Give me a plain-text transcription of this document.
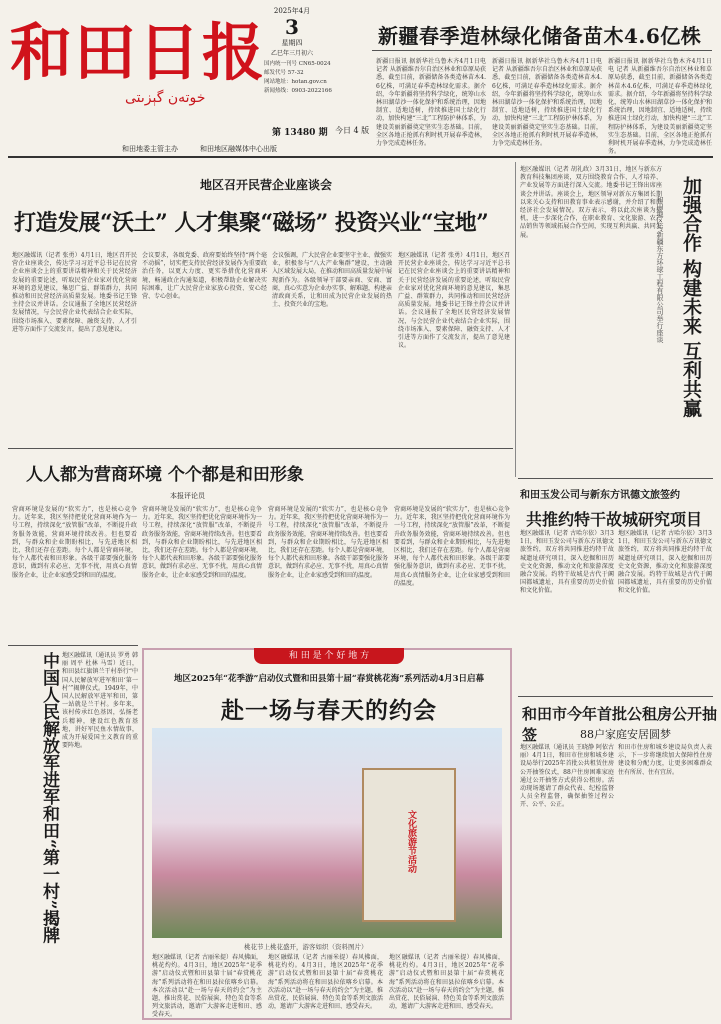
和田日报
خوتەن گېزىتى
2025年4月
3
星期四
乙巳年三月初六
国内统一刊号 CN65-0024
邮发代号 57-32
网站地址：hotan.gov.cn
新闻热线：0903-2022166
第 13480 期 今日 4 版
和田地委主管主办	和田地区融媒体中心出版
新疆春季造林绿化储备苗木4.6亿株
新疆日报讯 据新华社乌鲁木齐4月1日电 记者 从新疆维吾尔自治区林业和草原局获悉，截至目前，新疆储备各类造林苗木4.6亿株，可满足春季造林绿化需求。据介绍，今年新疆将坚持科学绿化，统筹山水林田湖草沙一体化保护和系统治理，因地制宜、适地适树，持续推进国土绿化行动，加快构建“三北”工程防护林体系，为建设美丽新疆奠定坚实生态基础。目前，全区各地正抢抓有利时机开展春季造林，力争完成造林任务。
新疆日报讯 据新华社乌鲁木齐4月1日电 记者 从新疆维吾尔自治区林业和草原局获悉，截至目前，新疆储备各类造林苗木4.6亿株，可满足春季造林绿化需求。据介绍，今年新疆将坚持科学绿化，统筹山水林田湖草沙一体化保护和系统治理，因地制宜、适地适树，持续推进国土绿化行动，加快构建“三北”工程防护林体系，为建设美丽新疆奠定坚实生态基础。目前，全区各地正抢抓有利时机开展春季造林，力争完成造林任务。
新疆日报讯 据新华社乌鲁木齐4月1日电 记者 从新疆维吾尔自治区林业和草原局获悉，截至目前，新疆储备各类造林苗木4.6亿株，可满足春季造林绿化需求。据介绍，今年新疆将坚持科学绿化，统筹山水林田湖草沙一体化保护和系统治理，因地制宜、适地适树，持续推进国土绿化行动，加快构建“三北”工程防护林体系，为建设美丽新疆奠定坚实生态基础。目前，全区各地正抢抓有利时机开展春季造林，力争完成造林任务。
地区召开民营企业座谈会
打造发展“沃土” 人才集聚“磁场” 投资兴业“宝地”
地区融媒讯（记者 张勇）4月1日，地区召开民营企业座谈会，传达学习习近平总书记在民营企业座谈会上的重要讲话精神和关于民营经济发展的重要论述，听取民营企业家对优化营商环境的意见建议，集思广益、群策群力，共同推动和田民营经济高质量发展。地委书记王锋主持会议并讲话。会议通报了全地区民营经济发展情况，与会民营企业代表结合企业实际，围绕市场准入、要素保障、融资支持、人才引进等方面作了交流发言，提出了意见建议。
会议要求，各级党委、政府要始终坚持“两个毫不动摇”，切实把支持民营经济发展作为重要政治任务，以更大力度、更实举措优化营商环境，畅通政企沟通渠道，积极帮助企业解决实际困难，让广大民营企业家放心投资、安心经营、专心创业。
会议强调，广大民营企业要坚守主业、做强实业，积极参与“八大产业集群”建设，主动融入区域发展大局，在推动和田高质量发展中展现新作为。各级领导干部要亲商、安商、富商，真心实意为企业办实事、解难题，构建亲清政商关系，让和田成为民营企业发展的热土、投资兴业的宝地。
地区融媒讯（记者 张勇）4月1日，地区召开民营企业座谈会，传达学习习近平总书记在民营企业座谈会上的重要讲话精神和关于民营经济发展的重要论述，听取民营企业家对优化营商环境的意见建议，集思广益、群策群力，共同推动和田民营经济高质量发展。地委书记王锋主持会议并讲话。会议通报了全地区民营经济发展情况，与会民营企业代表结合企业实际，围绕市场准入、要素保障、融资支持、人才引进等方面作了交流发言，提出了意见建议。
地区融媒讯（记者 胡礼政）3月31日，地区与新东方教育科技集团座谈，双方围绕教育合作、人才培养、产业发展等方面进行深入交流。地委书记王锋出席座谈会并讲话。座谈会上，地区领导对新东方集团长期以来关心支持和田教育事业表示感谢，并介绍了和田经济社会发展情况。双方表示，将以此次座谈为契机，进一步深化合作，在职业教育、文化旅游、农产品销售等领域拓展合作空间，实现互利共赢、共同发展。	加强合作 构建未来 互利共赢
和田地区与新疆东方环球工程有限公司举行座谈
人人都为营商环境 个个都是和田形象
本报评论员
营商环境是发展的“软实力”，也是核心竞争力。近年来，我区坚持把优化营商环境作为一号工程，持续深化“放管服”改革，不断提升政务服务效能，营商环境持续改善。但也要看到，与群众和企业期盼相比，与先进地区相比，我们还存在差距。每个人都是营商环境，每个人都代表和田形象。各级干部要强化服务意识，做到有求必应、无事不扰，用真心真情服务企业，让企业家感受到和田的温度。
营商环境是发展的“软实力”，也是核心竞争力。近年来，我区坚持把优化营商环境作为一号工程，持续深化“放管服”改革，不断提升政务服务效能，营商环境持续改善。但也要看到，与群众和企业期盼相比，与先进地区相比，我们还存在差距。每个人都是营商环境，每个人都代表和田形象。各级干部要强化服务意识，做到有求必应、无事不扰，用真心真情服务企业，让企业家感受到和田的温度。
营商环境是发展的“软实力”，也是核心竞争力。近年来，我区坚持把优化营商环境作为一号工程，持续深化“放管服”改革，不断提升政务服务效能，营商环境持续改善。但也要看到，与群众和企业期盼相比，与先进地区相比，我们还存在差距。每个人都是营商环境，每个人都代表和田形象。各级干部要强化服务意识，做到有求必应、无事不扰，用真心真情服务企业，让企业家感受到和田的温度。
营商环境是发展的“软实力”，也是核心竞争力。近年来，我区坚持把优化营商环境作为一号工程，持续深化“放管服”改革，不断提升政务服务效能，营商环境持续改善。但也要看到，与群众和企业期盼相比，与先进地区相比，我们还存在差距。每个人都是营商环境，每个人都代表和田形象。各级干部要强化服务意识，做到有求必应、无事不扰，用真心真情服务企业，让企业家感受到和田的温度。
中国人民解放军进军和田“第一村”揭牌 地区融媒讯（通讯员 罗勇 韩丽 周平 杜林 马雪）近日，和田县红旗镇兰干村举行“中国人民解放军进军和田‘第一村’”揭牌仪式。1949年，中国人民解放军进军和田，第一站就是兰干村。多年来，该村传承红色基因，弘扬老兵精神，建设红色教育基地，讲好军民鱼水情故事，成为开展爱国主义教育的重要阵地。
和 田 是 个 好 地 方
地区2025年“花季游”启动仪式暨和田县第十届“春赏桃花海”系列活动4月3日启幕
赴一场与春天的约会
文化旅游节活动
桃花节上桃花盛开，游客如织（资料图片）
地区融媒讯（记者 古丽米提）春风拂面，桃花灼灼。4月3日，地区2025年“花季游”启动仪式暨和田县第十届“春赏桃花海”系列活动将在和田县拉依喀乡启幕。本次活动以“赴一场与春天的约会”为主题，推出赏花、民俗展演、特色美食等系列文旅活动，邀请广大游客走进和田、感受春天。
地区融媒讯（记者 古丽米提）春风拂面，桃花灼灼。4月3日，地区2025年“花季游”启动仪式暨和田县第十届“春赏桃花海”系列活动将在和田县拉依喀乡启幕。本次活动以“赴一场与春天的约会”为主题，推出赏花、民俗展演、特色美食等系列文旅活动，邀请广大游客走进和田、感受春天。
地区融媒讯（记者 古丽米提）春风拂面，桃花灼灼。4月3日，地区2025年“花季游”启动仪式暨和田县第十届“春赏桃花海”系列活动将在和田县拉依喀乡启幕。本次活动以“赴一场与春天的约会”为主题，推出赏花、民俗展演、特色美食等系列文旅活动，邀请广大游客走进和田、感受春天。
和田玉发公司与新东方讯德文旅签约
共推约特干故城研究项目
地区融媒讯（记者 古哈尔依）3月31日，和田玉发公司与新东方讯德文旅签约，双方将共同推进约特干故城遗址研究项目，深入挖掘和田历史文化资源，推动文化和旅游深度融合发展。约特干故城是古代于阗国都城遗址，具有重要的历史价值和文化价值。
地区融媒讯（记者 古哈尔依）3月31日，和田玉发公司与新东方讯德文旅签约，双方将共同推进约特干故城遗址研究项目，深入挖掘和田历史文化资源，推动文化和旅游深度融合发展。约特干故城是古代于阗国都城遗址，具有重要的历史价值和文化价值。
和田市今年首批公租房公开抽签	88户家庭安居圆梦
地区融媒讯（通讯员 王晓静 阿依古丽）4月1日，和田市住房和城乡建设局举行2025年首批公共租赁住房公开抽签仪式，88户住房困难家庭通过公开抽签方式获得公租房。活动现场邀请了群众代表、纪检监督人员全程监督，确保抽签过程公开、公平、公正。
和田市住房和城乡建设局负责人表示，下一步将继续加大保障性住房建设和分配力度，让更多困难群众住有所居、住有宜居。
